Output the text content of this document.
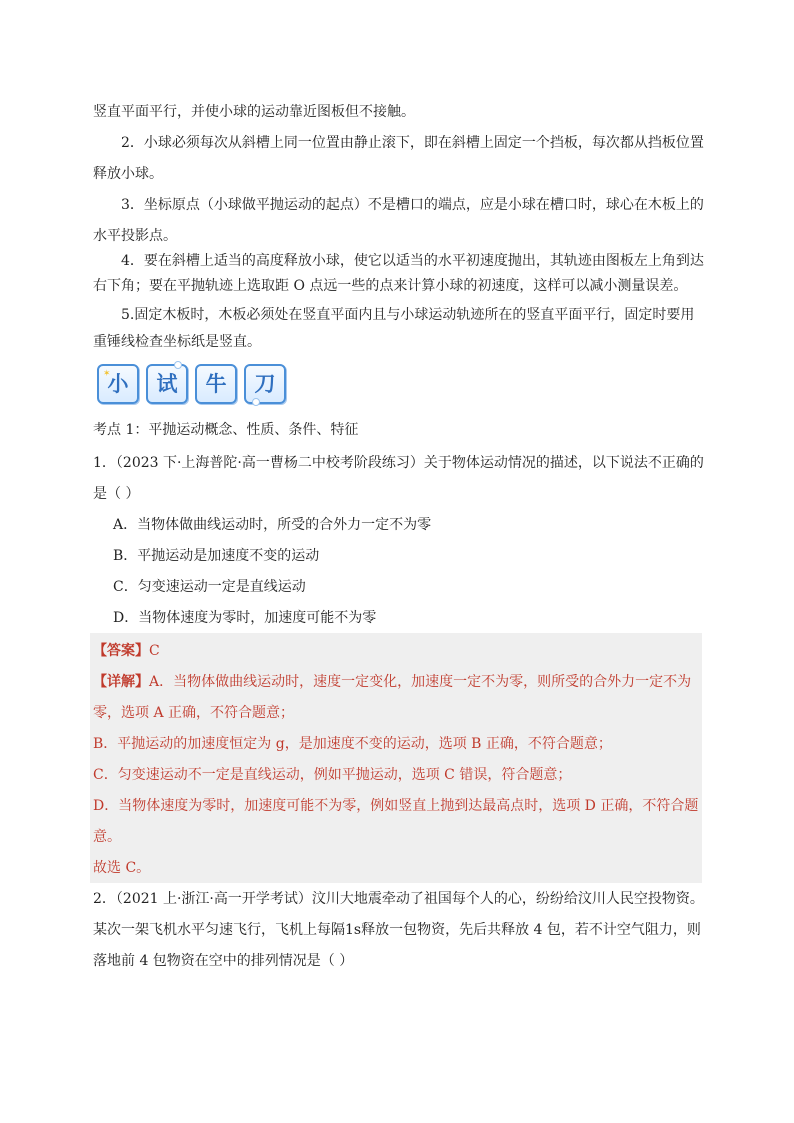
竖直平面平行，并使小球的运动靠近图板但不接触。
2．小球必须每次从斜槽上同一位置由静止滚下，即在斜槽上固定一个挡板，每次都从挡板位置
释放小球。
3．坐标原点（小球做平抛运动的起点）不是槽口的端点，应是小球在槽口时，球心在木板上的
水平投影点。
4．要在斜槽上适当的高度释放小球，使它以适当的水平初速度抛出，其轨迹由图板左上角到达
右下角；要在平抛轨迹上选取距 O 点远一些的点来计算小球的初速度，这样可以减小测量误差。
5.固定木板时，木板必须处在竖直平面内且与小球运动轨迹所在的竖直平面平行，固定时要用
重锤线检查坐标纸是竖直。
✶
小	试	牛	刀
考点 1：平抛运动概念、性质、条件、特征
1．（2023 下·上海普陀·高一曹杨二中校考阶段练习）关于物体运动情况的描述，以下说法不正确的
是（ ）
A．当物体做曲线运动时，所受的合外力一定不为零
B．平抛运动是加速度不变的运动
C．匀变速运动一定是直线运动
D．当物体速度为零时，加速度可能不为零
【答案】C
【详解】A．当物体做曲线运动时，速度一定变化，加速度一定不为零，则所受的合外力一定不为
零，选项 A 正确，不符合题意；
B．平抛运动的加速度恒定为 g，是加速度不变的运动，选项 B 正确，不符合题意；
C．匀变速运动不一定是直线运动，例如平抛运动，选项 C 错误，符合题意；
D．当物体速度为零时，加速度可能不为零，例如竖直上抛到达最高点时，选项 D 正确，不符合题
意。
故选 C。
2．（2021 上·浙江·高一开学考试）汶川大地震牵动了祖国每个人的心，纷纷给汶川人民空投物资。
某次一架飞机水平匀速飞行，飞机上每隔1s释放一包物资，先后共释放 4 包，若不计空气阻力，则
落地前 4 包物资在空中的排列情况是（ ）
